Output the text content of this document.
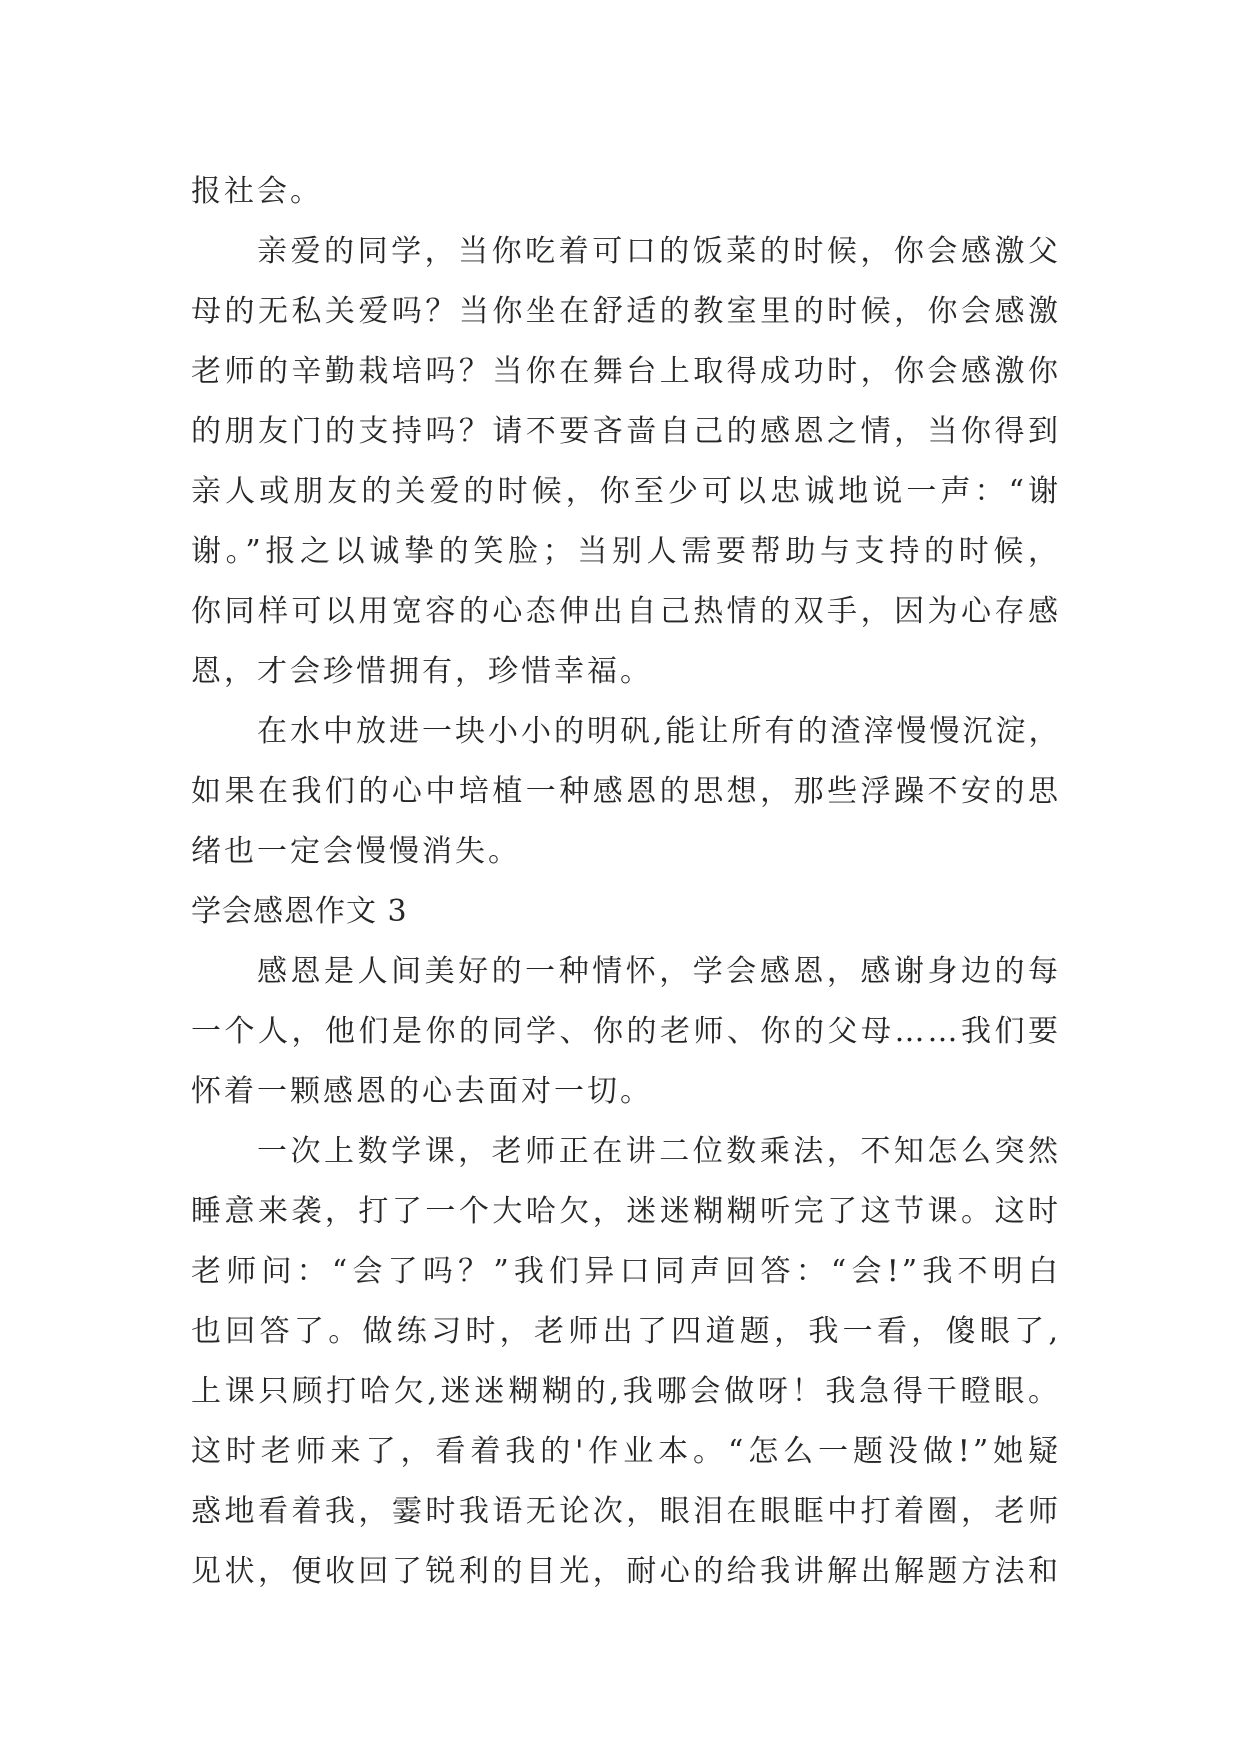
报社会。
亲爱的同学，当你吃着可口的饭菜的时候，你会感激父
母的无私关爱吗？当你坐在舒适的教室里的时候，你会感激
老师的辛勤栽培吗？当你在舞台上取得成功时，你会感激你
的朋友门的支持吗？请不要吝啬自己的感恩之情，当你得到
亲人或朋友的关爱的时候，你至少可以忠诚地说一声：“谢
谢。”报之以诚挚的笑脸；当别人需要帮助与支持的时候，
你同样可以用宽容的心态伸出自己热情的双手，因为心存感
恩，才会珍惜拥有，珍惜幸福。
在水中放进一块小小的明矾,能让所有的渣滓慢慢沉淀，
如果在我们的心中培植一种感恩的思想，那些浮躁不安的思
绪也一定会慢慢消失。
学会感恩作文 3
感恩是人间美好的一种情怀，学会感恩，感谢身边的每
一个人，他们是你的同学、你的老师、你的父母……我们要
怀着一颗感恩的心去面对一切。
一次上数学课，老师正在讲二位数乘法，不知怎么突然
睡意来袭，打了一个大哈欠，迷迷糊糊听完了这节课。这时
老师问：“会了吗？”我们异口同声回答：“会!”我不明白
也回答了。做练习时，老师出了四道题，我一看，傻眼了,
上课只顾打哈欠,迷迷糊糊的,我哪会做呀！我急得干瞪眼。
这时老师来了，看着我的'作业本。“怎么一题没做!”她疑
惑地看着我，霎时我语无论次，眼泪在眼眶中打着圈，老师
见状，便收回了锐利的目光，耐心的给我讲解出解题方法和
